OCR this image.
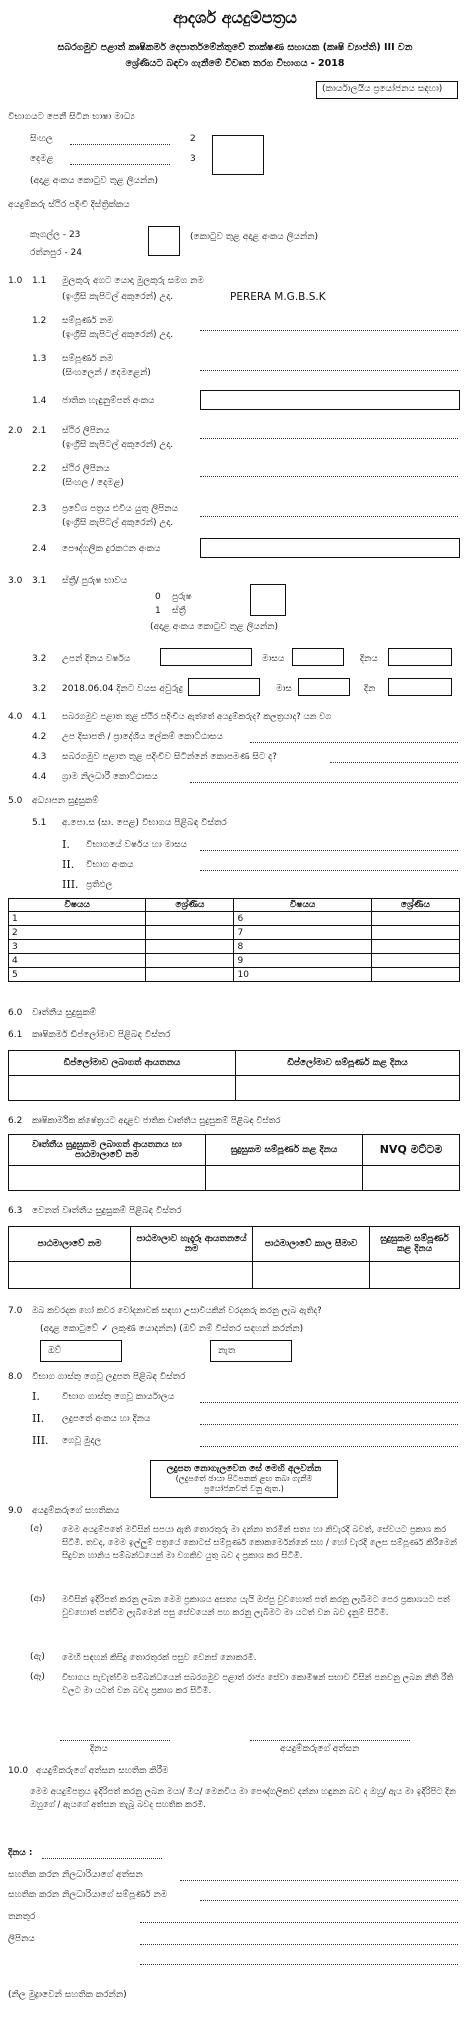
ආදර්ශ අයදුම්පත්‍රය
සබරගමුව පළාත් කෘෂිකර්ම දෙපාර්තමේන්තුවේ තාක්ෂණ සහායක (කෘෂි ව්‍යාප්ති) III වන
ශ්‍රේණියට බඳවා ගැනීමේ විවෘත තරග විභාගය - 2018
(කාර්යාලයීය ප්‍රයෝජනය සඳහා)
විභාගයට පෙනී සිටින භාෂා මාධ්‍ය
සිංහල	2
දෙමළ	3
(අදාළ අංකය කොටුව තුළ ලියන්න)
අයදුම්කරු ස්ථිර පදිංචි දිස්ත්‍රික්කය
කෑගල්ල - 23
රත්නපුර - 24
(කොටුව තුළ අදාළ අංකය ලියන්න)
1.0 1.1 මුලකුරු අගට යොදා මුලකුරු සමග නම
(ඉංග්‍රීසි කැපිටල් අකුරෙන්) උදා.	PERERA M.G.B.S.K
1.2 සම්පූර්ණ නම
(ඉංග්‍රීසි කැපිටල් අකුරෙන්) උදා.
1.3 සම්පූර්ණ නම
(සිංහලෙන් / දෙමළෙන්)
1.4 ජාතික හැඳුනුම්පත් අංකය
2.0 2.1 ස්ථිර ලිපිනය
(ඉංග්‍රීසි කැපිටල් අකුරෙන්) උදා.
2.2 ස්ථිර ලිපිනය
(සිංහල / දෙමළ)
2.3 ප්‍රවේශ පත්‍රය එවිය යුතු ලිපිනය
(ඉංග්‍රීසි කැපිටල් අකුරෙන්) උදා.
2.4 පෞද්ගලික දුරකථන අංකය
3.0 3.1 ස්ත්‍රී/ පුරුෂ භාවය
0 පුරුෂ
1 ස්ත්‍රී
(අදාළ අංකය කොටුව තුළ ලියන්න)
3.2 උපන් දිනය වර්ෂය	මාසය	දිනය
3.2 2018.06.04 දිනට වයස අවුරුදු	මාස	දින
4.0 4.1 සබරගමුව පළාත තුළ ස්ථිර පදිංචිය ඇත්තේ අයදුම්කරුද? කලත්‍රයාද? යන වග
4.2 උප දිසාපති / ප්‍රාදේශීය ලේකම් කොට්ඨාසය
4.3 සබරගමුව පළාත තුළ පදිංචිව සිටින්නේ කොපමණ සිට ද?
4.4 ග්‍රාම නිලධාරී කොට්ඨාසය
5.0 අධ්‍යාපන සුදුසුකම්
5.1 අ.පො.ස (සා. පෙළ) විභාගය පිළිබඳ විස්තර
I. විභාගයේ වර්ෂය හා මාසය
II. විභාග අංකය
III. ප්‍රතිඵල
විෂයය	ශ්‍රේණිය	විෂයය	ශ්‍රේණිය
1		6	
2		7	
3		8	
4		9	
5		10	
6.0 වෘත්තීය සුදුසුකම්
6.1 කෘෂිකර්ම ඩිප්ලෝමාව පිළිබඳ විස්තර
ඩිප්ලෝමාව ලබාගත් ආයතනය	ඩිප්ලෝමාව සම්පූර්ණ කළ දිනය

6.2 කෘෂිකාර්මික ක්ෂේත්‍රයට අදාළව ජාතික වෘත්තීය සුදුසුකම් පිළිබඳ විස්තර
වෘත්තීය සුදුසුකම ලබාගත් ආයතනය හා පාඨමාලාවේ නම	සුදුසුකම සම්පූර්ණ කළ දිනය	NVQ මට්ටම

6.3 වෙනත් වෘත්තීය සුදුසුකම් පිළිබඳ විස්තර
පාඨමාලාවේ නම	පාඨමාලාව හැදෑරූ ආයතනයේ නම	පාඨමාලාවේ කාල සීමාව	සුදුසුකම සම්පූර්ණ කළ දිනය

7.0 ඔබ කවරදක හෝ කවර චෝදනාවක් සඳහා උසාවියකින් වරදකරු කරනු ලැබ ඇතිද?
(අදාළ කොටුවේ ✓ ලකුණ යොදන්න) (ඔව් නම් විස්තර සඳහන් කරන්න)
ඔව්	නැත
8.0 විභාග ගාස්තු ගෙවූ ලදුපත පිළිබඳ විස්තර
I. විභාග ගාස්තු ගෙවූ කාර්යාලය
II. ලදුපතේ අංකය හා දිනය
III. ගෙවූ මුදල
ලදුපත නොගැලවෙන සේ මෙහි අලවන්න
(ලදුපතේ ඡායා පිටපතක් ළඟ තබා ගැනීම ප්‍රයෝජනවත් වනු ඇත.)
9.0 අයදුම්කරුගේ සහතිකය
(අ) මෙම අයදුම්පතේ මවිසින් සපයා ඇති තොරතුරු මා දන්නා තරමින් සත්‍ය හා නිවැරදි බවත්, සේවයට ප්‍රකාශ කර සිටිමි. තවද, මෙම ඉල්ලුම් පත්‍රයේ කොටස් සම්පූර්ණ කොකර්මෙන්නේ සහ / හෝ වැරදි ලෙස සම්පූර්ණ කිරීමෙන් සිදුවන හානිය සම්බන්ධයෙන් මා වගකිව යුතු බව ද ප්‍රකාශ කර සිටිමි.
(ආ) මවිසින් ඉදිරිපත් කරනු ලබන මෙම ප්‍රකාශය අසත්‍ය යැයි ඔප්පු වුවහොත් පත් කරනු ලැබීමට පෙර ප්‍රකාශයට පත් වුවහොත් පත්වීම ලැබීමෙන් පසු සේවයෙන් පහ කරනු ලැබීමට මා යටත් වන බව දැනුම් සිටිමි.
(ඇ) මෙහි සඳහන් කිසිදු තොරතුරක් පසුව වෙනස් නොකරමි.
(ඈ) විභාගය පැවැත්වීම සම්බන්ධයෙන් සබරගමුව පළාත් රාජ්‍ය සේවා කොමිෂන් සභාව විසින් පනවනු ලබන නීති රීති වලට මා යටත් වන බවද ප්‍රකාශ කර සිටිමි.
දිනය	අයදුම්කරුගේ අත්සන
10.0 අයදුම්කරුගේ අත්සන සහතික කිරීම
මෙම අයදුම්පත්‍රය ඉදිරිපත් කරනු ලබන මයා/ මිය/ මෙනවිය මා පෞද්ගලිකව දන්නා හඳුනන බව ද ඔහු/ ඇය මා ඉදිරිපිට දින ඔහුගේ / ඇයගේ අත්සන තැබූ බවද සහතික කරමි.
දිනය :
සහතික කරන නිලධාරියාගේ අත්සන
සහතික කරන නිලධාරියාගේ සම්පූර්ණ නම
තනතුර
ලිපිනය
(නිල මුද්‍රාවෙන් සහතික කරන්න)
